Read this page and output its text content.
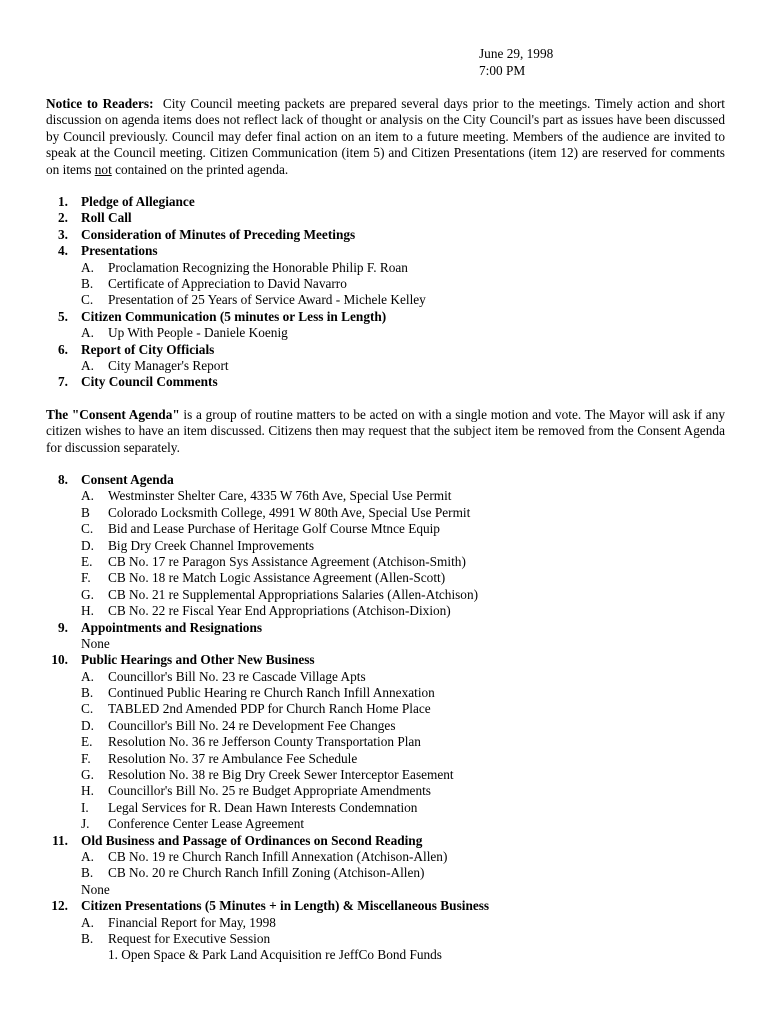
June 29, 1998
7:00 PM
Notice to Readers: City Council meeting packets are prepared several days prior to the meetings. Timely action and short discussion on agenda items does not reflect lack of thought or analysis on the City Council's part as issues have been discussed by Council previously. Council may defer final action on an item to a future meeting. Members of the audience are invited to speak at the Council meeting. Citizen Communication (item 5) and Citizen Presentations (item 12) are reserved for comments on items not contained on the printed agenda.
1. Pledge of Allegiance
2. Roll Call
3. Consideration of Minutes of Preceding Meetings
4. Presentations
A. Proclamation Recognizing the Honorable Philip F. Roan
B. Certificate of Appreciation to David Navarro
C. Presentation of 25 Years of Service Award - Michele Kelley
5. Citizen Communication (5 minutes or Less in Length)
A. Up With People - Daniele Koenig
6. Report of City Officials
A. City Manager's Report
7. City Council Comments
The "Consent Agenda" is a group of routine matters to be acted on with a single motion and vote. The Mayor will ask if any citizen wishes to have an item discussed. Citizens then may request that the subject item be removed from the Consent Agenda for discussion separately.
8. Consent Agenda
A. Westminster Shelter Care, 4335 W 76th Ave, Special Use Permit
B Colorado Locksmith College, 4991 W 80th Ave, Special Use Permit
C. Bid and Lease Purchase of Heritage Golf Course Mtnce Equip
D. Big Dry Creek Channel Improvements
E. CB No. 17 re Paragon Sys Assistance Agreement (Atchison-Smith)
F. CB No. 18 re Match Logic Assistance Agreement (Allen-Scott)
G. CB No. 21 re Supplemental Appropriations Salaries (Allen-Atchison)
H. CB No. 22 re Fiscal Year End Appropriations (Atchison-Dixion)
9. Appointments and Resignations
None
10. Public Hearings and Other New Business
A. Councillor's Bill No. 23 re Cascade Village Apts
B. Continued Public Hearing re Church Ranch Infill Annexation
C. TABLED 2nd Amended PDP for Church Ranch Home Place
D. Councillor's Bill No. 24 re Development Fee Changes
E. Resolution No. 36 re Jefferson County Transportation Plan
F. Resolution No. 37 re Ambulance Fee Schedule
G. Resolution No. 38 re Big Dry Creek Sewer Interceptor Easement
H. Councillor's Bill No. 25 re Budget Appropriate Amendments
I. Legal Services for R. Dean Hawn Interests Condemnation
J. Conference Center Lease Agreement
11. Old Business and Passage of Ordinances on Second Reading
A. CB No. 19 re Church Ranch Infill Annexation (Atchison-Allen)
B. CB No. 20 re Church Ranch Infill Zoning (Atchison-Allen)
None
12. Citizen Presentations (5 Minutes + in Length) & Miscellaneous Business
A. Financial Report for May, 1998
B. Request for Executive Session
1. Open Space & Park Land Acquisition re JeffCo Bond Funds
